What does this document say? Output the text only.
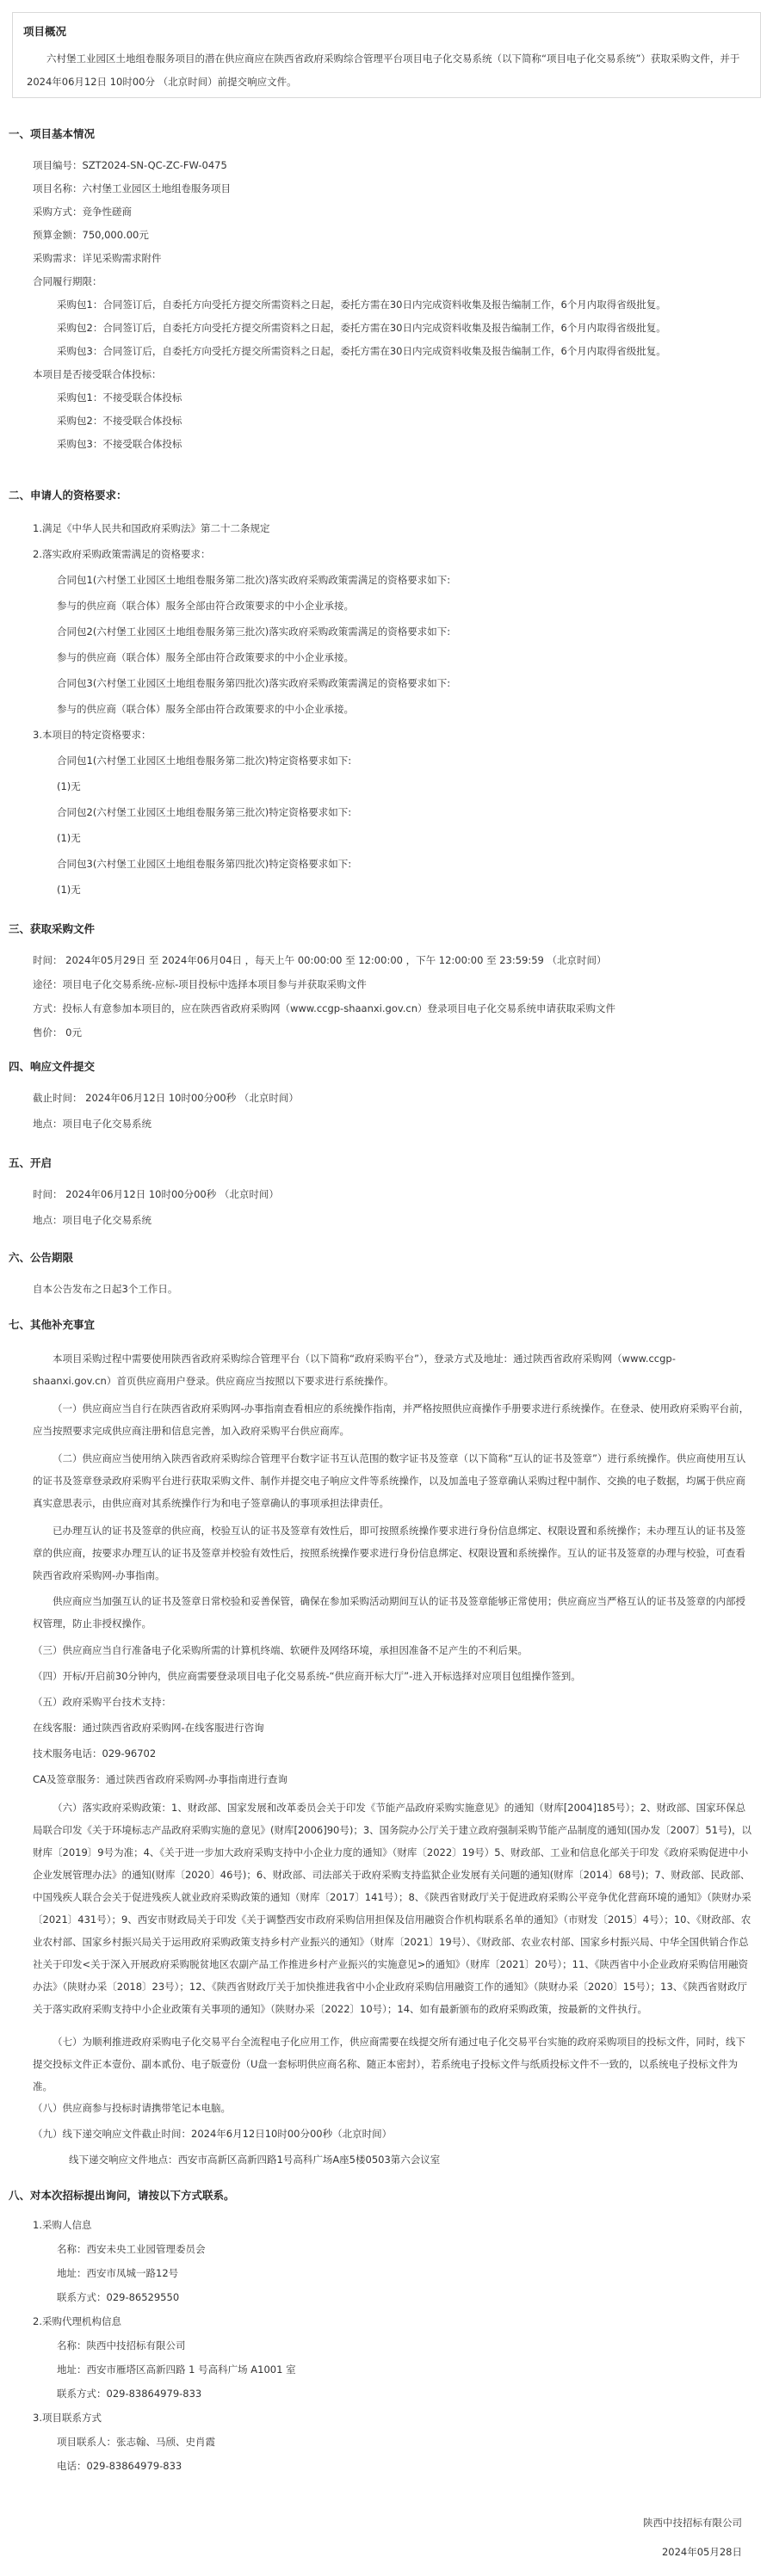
项目概况
六村堡工业园区土地组卷服务项目的潜在供应商应在陕西省政府采购综合管理平台项目电子化交易系统（以下简称“项目电子化交易系统”）获取采购文件，并于 2024年06月12日 10时00分 （北京时间）前提交响应文件。
一、项目基本情况
项目编号：SZT2024-SN-QC-ZC-FW-0475
项目名称：六村堡工业园区土地组卷服务项目
采购方式：竞争性磋商
预算金额：750,000.00元
采购需求：详见采购需求附件
合同履行期限：
采购包1：合同签订后，自委托方向受托方提交所需资料之日起，委托方需在30日内完成资料收集及报告编制工作，6个月内取得省级批复。
采购包2：合同签订后，自委托方向受托方提交所需资料之日起，委托方需在30日内完成资料收集及报告编制工作，6个月内取得省级批复。
采购包3：合同签订后，自委托方向受托方提交所需资料之日起，委托方需在30日内完成资料收集及报告编制工作，6个月内取得省级批复。
本项目是否接受联合体投标：
采购包1：不接受联合体投标
采购包2：不接受联合体投标
采购包3：不接受联合体投标
二、申请人的资格要求：
1.满足《中华人民共和国政府采购法》第二十二条规定
2.落实政府采购政策需满足的资格要求：
合同包1(六村堡工业园区土地组卷服务第二批次)落实政府采购政策需满足的资格要求如下:
参与的供应商（联合体）服务全部由符合政策要求的中小企业承接。
合同包2(六村堡工业园区土地组卷服务第三批次)落实政府采购政策需满足的资格要求如下:
参与的供应商（联合体）服务全部由符合政策要求的中小企业承接。
合同包3(六村堡工业园区土地组卷服务第四批次)落实政府采购政策需满足的资格要求如下:
参与的供应商（联合体）服务全部由符合政策要求的中小企业承接。
3.本项目的特定资格要求：
合同包1(六村堡工业园区土地组卷服务第二批次)特定资格要求如下:
(1)无
合同包2(六村堡工业园区土地组卷服务第三批次)特定资格要求如下:
(1)无
合同包3(六村堡工业园区土地组卷服务第四批次)特定资格要求如下:
(1)无
三、获取采购文件
时间： 2024年05月29日 至 2024年06月04日 ，每天上午 00:00:00 至 12:00:00 ，下午 12:00:00 至 23:59:59 （北京时间）
途径：项目电子化交易系统-应标-项目投标中选择本项目参与并获取采购文件
方式：投标人有意参加本项目的，应在陕西省政府采购网（www.ccgp-shaanxi.gov.cn）登录项目电子化交易系统申请获取采购文件
售价： 0元
四、响应文件提交
截止时间： 2024年06月12日 10时00分00秒 （北京时间）
地点：项目电子化交易系统
五、开启
时间： 2024年06月12日 10时00分00秒 （北京时间）
地点：项目电子化交易系统
六、公告期限
自本公告发布之日起3个工作日。
七、其他补充事宜
本项目采购过程中需要使用陕西省政府采购综合管理平台（以下简称“政府采购平台”），登录方式及地址：通过陕西省政府采购网（www.ccgp-shaanxi.gov.cn）首页供应商用户登录。供应商应当按照以下要求进行系统操作。
（一）供应商应当自行在陕西省政府采购网-办事指南查看相应的系统操作指南，并严格按照供应商操作手册要求进行系统操作。在登录、使用政府采购平台前，应当按照要求完成供应商注册和信息完善，加入政府采购平台供应商库。
（二）供应商应当使用纳入陕西省政府采购综合管理平台数字证书互认范围的数字证书及签章（以下简称“互认的证书及签章”）进行系统操作。供应商使用互认的证书及签章登录政府采购平台进行获取采购文件、制作并提交电子响应文件等系统操作，以及加盖电子签章确认采购过程中制作、交换的电子数据，均属于供应商真实意思表示，由供应商对其系统操作行为和电子签章确认的事项承担法律责任。
已办理互认的证书及签章的供应商，校验互认的证书及签章有效性后，即可按照系统操作要求进行身份信息绑定、权限设置和系统操作；未办理互认的证书及签章的供应商，按要求办理互认的证书及签章并校验有效性后，按照系统操作要求进行身份信息绑定、权限设置和系统操作。互认的证书及签章的办理与校验，可查看陕西省政府采购网-办事指南。
供应商应当加强互认的证书及签章日常校验和妥善保管，确保在参加采购活动期间互认的证书及签章能够正常使用；供应商应当严格互认的证书及签章的内部授权管理，防止非授权操作。
（三）供应商应当自行准备电子化采购所需的计算机终端、软硬件及网络环境，承担因准备不足产生的不利后果。
（四）开标/开启前30分钟内，供应商需要登录项目电子化交易系统-“供应商开标大厅”-进入开标选择对应项目包组操作签到。
（五）政府采购平台技术支持：
在线客服：通过陕西省政府采购网-在线客服进行咨询
技术服务电话：029-96702
CA及签章服务：通过陕西省政府采购网-办事指南进行查询
（六）落实政府采购政策：1、财政部、国家发展和改革委员会关于印发《节能产品政府采购实施意见》的通知（财库[2004]185号）；2、财政部、国家环保总局联合印发《关于环境标志产品政府采购实施的意见》(财库[2006]90号)；3、国务院办公厅关于建立政府强制采购节能产品制度的通知(国办发〔2007〕51号)，以财库〔2019〕9号为准；4、《关于进一步加大政府采购支持中小企业力度的通知》（财库〔2022〕19号）5、财政部、工业和信息化部关于印发《政府采购促进中小企业发展管理办法》的通知(财库〔2020〕46号)；6、财政部、司法部关于政府采购支持监狱企业发展有关问题的通知(财库〔2014〕68号)；7、财政部、民政部、中国残疾人联合会关于促进残疾人就业政府采购政策的通知（财库〔2017〕141号）；8、《陕西省财政厅关于促进政府采购公平竞争优化营商环境的通知》（陕财办采〔2021〕431号）；9、西安市财政局关于印发《关于调整西安市政府采购信用担保及信用融资合作机构联系名单的通知》（市财发〔2015〕4号）；10、《财政部、农业农村部、国家乡村振兴局关于运用政府采购政策支持乡村产业振兴的通知》（财库〔2021〕19号）、《财政部、农业农村部、国家乡村振兴局、中华全国供销合作总社关于印发<关于深入开展政府采购脱贫地区农副产品工作推进乡村产业振兴的实施意见>的通知》（财库〔2021〕20号）；11、《陕西省中小企业政府采购信用融资办法》（陕财办采〔2018〕23号）；12、《陕西省财政厅关于加快推进我省中小企业政府采购信用融资工作的通知》（陕财办采〔2020〕15号）；13、《陕西省财政厅关于落实政府采购支持中小企业政策有关事项的通知》（陕财办采〔2022〕10号）；14、如有最新颁布的政府采购政策，按最新的文件执行。
（七）为顺利推进政府采购电子化交易平台全流程电子化应用工作，供应商需要在线提交所有通过电子化交易平台实施的政府采购项目的投标文件，同时，线下提交投标文件正本壹份、副本贰份、电子版壹份（U盘一套标明供应商名称、随正本密封），若系统电子投标文件与纸质投标文件不一致的，以系统电子投标文件为准。
（八）供应商参与投标时请携带笔记本电脑。
（九）线下递交响应文件截止时间：2024年6月12日10时00分00秒（北京时间）
线下递交响应文件地点：西安市高新区高新四路1号高科广场A座5楼0503第六会议室
八、对本次招标提出询问，请按以下方式联系。
1.采购人信息
名称：西安未央工业园管理委员会
地址：西安市凤城一路12号
联系方式：029-86529550
2.采购代理机构信息
名称：陕西中技招标有限公司
地址：西安市雁塔区高新四路 1 号高科广场 A1001 室
联系方式：029-83864979-833
3.项目联系方式
项目联系人：张志翰、马颀、史肖霞
电话：029-83864979-833
陕西中技招标有限公司
2024年05月28日
